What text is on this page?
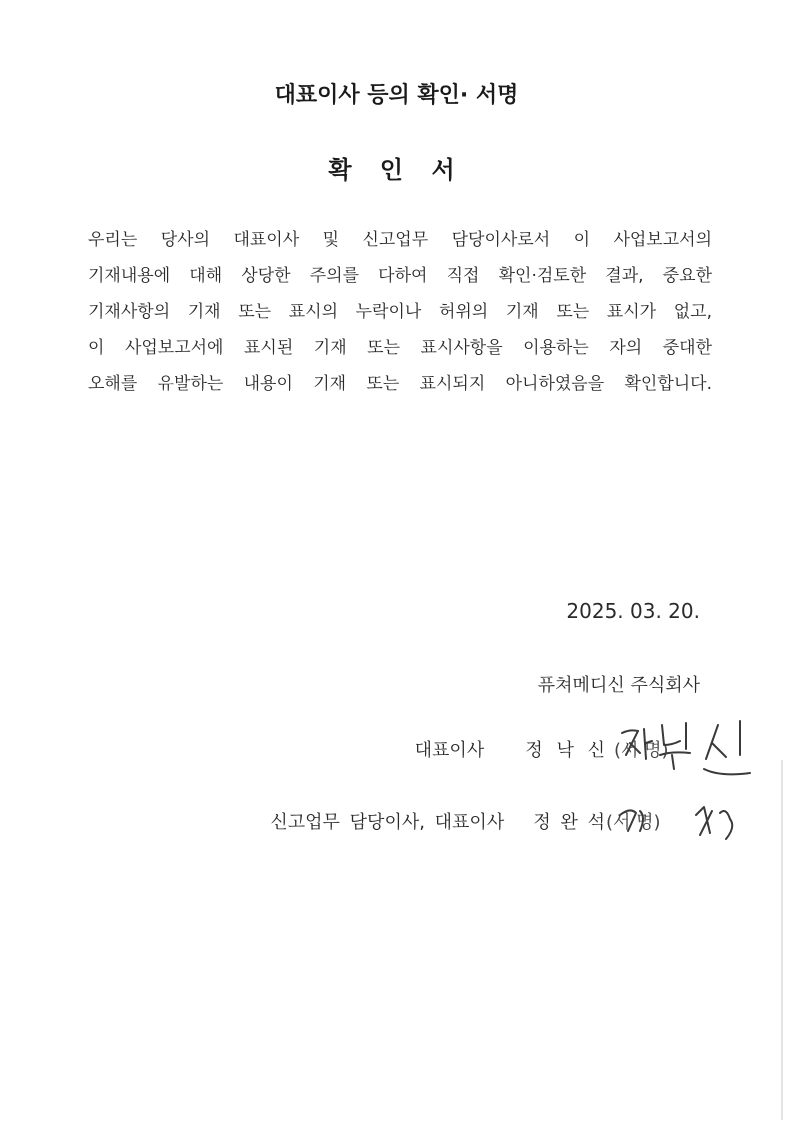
대표이사 등의 확인· 서명
확 인 서
우리는 당사의 대표이사 및 신고업무 담당이사로서 이 사업보고서의
기재내용에 대해 상당한 주의를 다하여 직접 확인·검토한 결과, 중요한
기재사항의 기재 또는 표시의 누락이나 허위의 기재 또는 표시가 없고,
이 사업보고서에 표시된 기재 또는 표시사항을 이용하는 자의 중대한
오해를 유발하는 내용이 기재 또는 표시되지 아니하였음을 확인합니다.
2025. 03. 20.
퓨쳐메디신 주식회사
대표이사 정 낙 신 (서 명)
신고업무 담당이사, 대표이사 정 완 석 (서 명)
